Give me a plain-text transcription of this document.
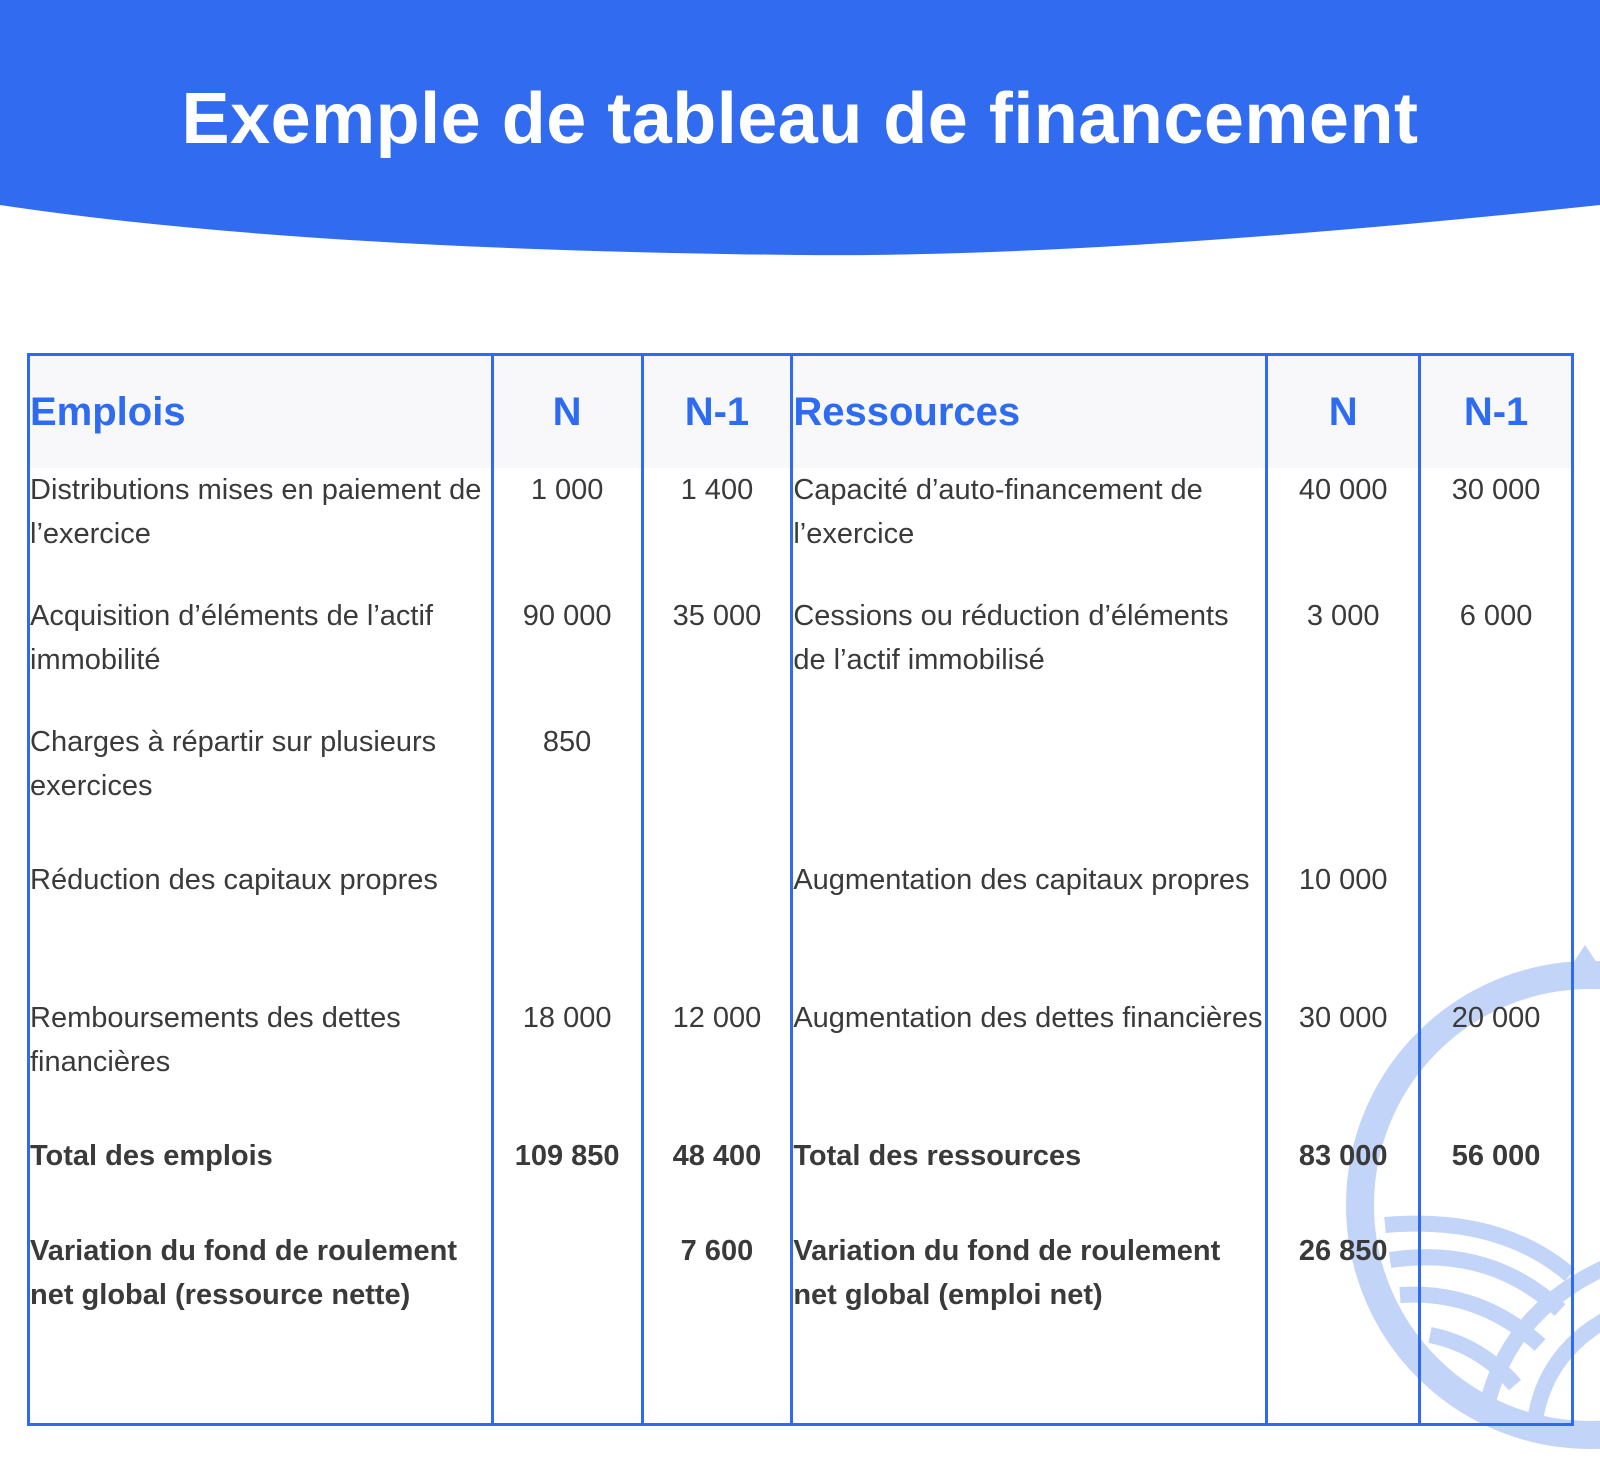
Exemple de tableau de financement
Emplois	N	N-1	Ressources	N	N-1
Distributions mises en paiement de l’exercice	1 000	1 400	Capacité d’auto-financement de l’exercice	40 000	30 000
Acquisition d’éléments de l’actif immobilité	90 000	35 000	Cessions ou réduction d’éléments de l’actif immobilisé	3 000	6 000
Charges à répartir sur plusieurs exercices	850				
Réduction des capitaux propres			Augmentation des capitaux propres	10 000	
Remboursements des dettes financières	18 000	12 000	Augmentation des dettes financières	30 000	20 000
Total des emplois	109 850	48 400	Total des ressources	83 000	56 000
Variation du fond de roulement net global (ressource nette)		7 600	Variation du fond de roulement net global (emploi net)	26 850	
